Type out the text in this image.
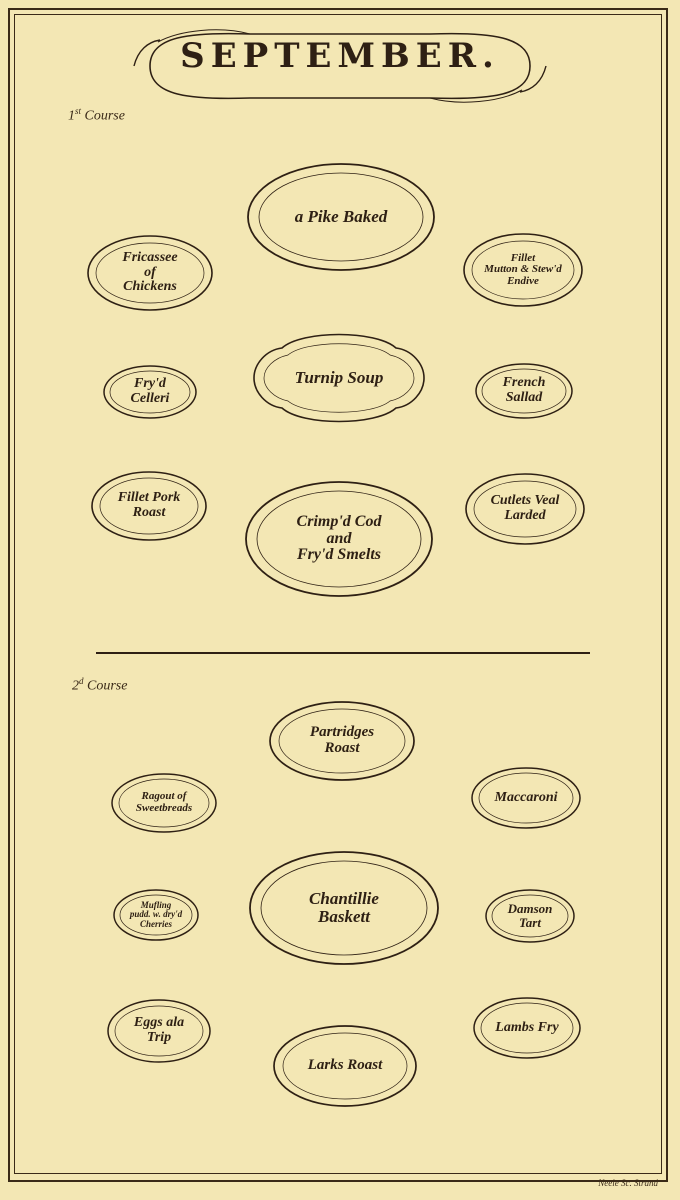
SEPTEMBER.
1st Course
a Pike Baked
Fricassee
of
Chickens
Fillet
Mutton & Stew'd
Endive
Turnip Soup
Fry'd
Celleri
French
Sallad
Fillet Pork
Roast
Cutlets Veal
Larded
Crimp'd Cod
and
Fry'd Smelts
2$^d$ Course
Partridges
Roast
Ragout of
Sweetbreads
Maccaroni
Chantillie
Baskett
Mufling
pudd. w. dry'd
Cherries
Damson
Tart
Eggs ala
Trip
Lambs Fry
Larks Roast
Neele Sc. Strand
